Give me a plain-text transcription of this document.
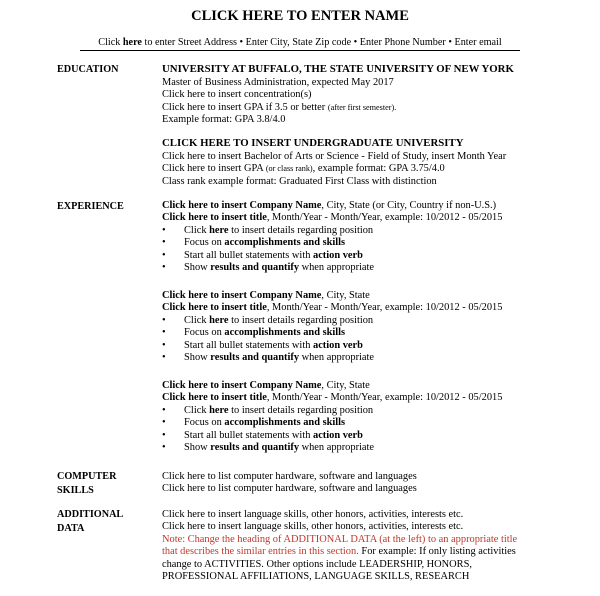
CLICK HERE TO ENTER NAME
Click here to enter Street Address • Enter City, State Zip code • Enter Phone Number • Enter email
EDUCATION	UNIVERSITY AT BUFFALO, THE STATE UNIVERSITY OF NEW YORK
Master of Business Administration, expected May 2017
Click here to insert concentration(s)
Click here to insert GPA if 3.5 or better (after first semester).
Example format: GPA 3.8/4.0
CLICK HERE TO INSERT UNDERGRADUATE UNIVERSITY
Click here to insert Bachelor of Arts or Science - Field of Study, insert Month Year
Click here to insert GPA (or class rank), example format: GPA 3.75/4.0
Class rank example format: Graduated First Class with distinction
EXPERIENCE	Click here to insert Company Name, City, State (or City, Country if non-U.S.)
Click here to insert title, Month/Year - Month/Year, example: 10/2012 - 05/2015
• Click here to insert details regarding position
• Focus on accomplishments and skills
• Start all bullet statements with action verb
• Show results and quantify when appropriate
Click here to insert Company Name, City, State
Click here to insert title, Month/Year - Month/Year, example: 10/2012 - 05/2015
• Click here to insert details regarding position
• Focus on accomplishments and skills
• Start all bullet statements with action verb
• Show results and quantify when appropriate
Click here to insert Company Name, City, State
Click here to insert title, Month/Year - Month/Year, example: 10/2012 - 05/2015
• Click here to insert details regarding position
• Focus on accomplishments and skills
• Start all bullet statements with action verb
• Show results and quantify when appropriate
COMPUTER
SKILLS
Click here to list computer hardware, software and languages
Click here to list computer hardware, software and languages
ADDITIONAL
DATA
Click here to insert language skills, other honors, activities, interests etc.
Click here to insert language skills, other honors, activities, interests etc.
Note: Change the heading of ADDITIONAL DATA (at the left) to an appropriate title
that describes the similar entries in this section. For example: If only listing activities
change to ACTIVITIES. Other options include LEADERSHIP, HONORS,
PROFESSIONAL AFFILIATIONS, LANGUAGE SKILLS, RESEARCH
